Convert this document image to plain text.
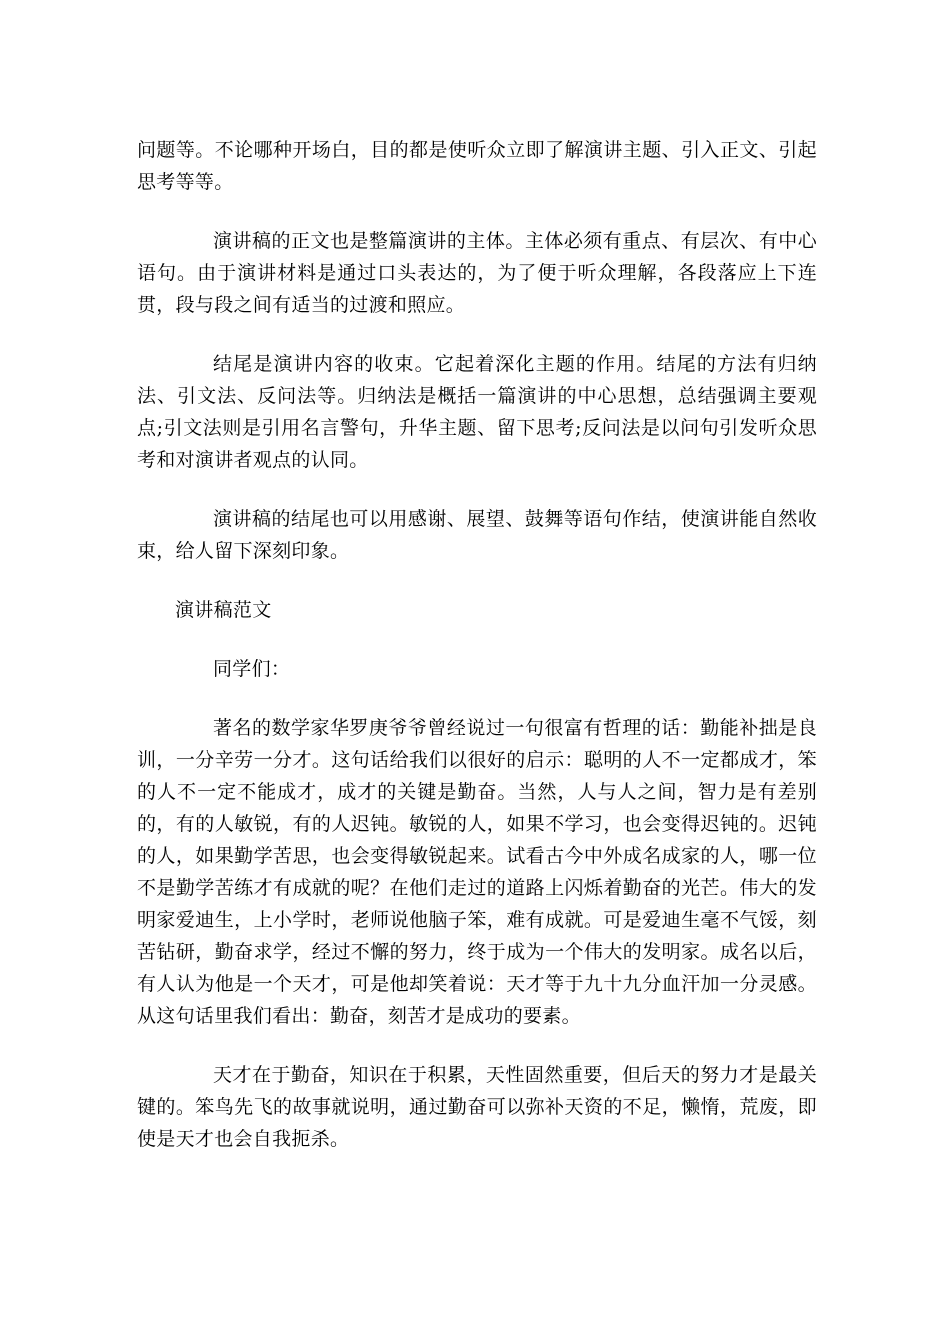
问题等。不论哪种开场白，目的都是使听众立即了解演讲主题、引入正文、引起思考等等。

演讲稿的正文也是整篇演讲的主体。主体必须有重点、有层次、有中心语句。由于演讲材料是通过口头表达的，为了便于听众理解，各段落应上下连贯，段与段之间有适当的过渡和照应。

结尾是演讲内容的收束。它起着深化主题的作用。结尾的方法有归纳法、引文法、反问法等。归纳法是概括一篇演讲的中心思想，总结强调主要观点;引文法则是引用名言警句，升华主题、留下思考;反问法是以问句引发听众思考和对演讲者观点的认同。

演讲稿的结尾也可以用感谢、展望、鼓舞等语句作结，使演讲能自然收束，给人留下深刻印象。

演讲稿范文

同学们：

著名的数学家华罗庚爷爷曾经说过一句很富有哲理的话：勤能补拙是良训，一分辛劳一分才。这句话给我们以很好的启示：聪明的人不一定都成才，笨的人不一定不能成才，成才的关键是勤奋。当然，人与人之间，智力是有差别的，有的人敏锐，有的人迟钝。敏锐的人，如果不学习，也会变得迟钝的。迟钝的人，如果勤学苦思，也会变得敏锐起来。试看古今中外成名成家的人，哪一位不是勤学苦练才有成就的呢？在他们走过的道路上闪烁着勤奋的光芒。伟大的发明家爱迪生，上小学时，老师说他脑子笨，难有成就。可是爱迪生毫不气馁，刻苦钻研，勤奋求学，经过不懈的努力，终于成为一个伟大的发明家。成名以后，有人认为他是一个天才，可是他却笑着说：天才等于九十九分血汗加一分灵感。从这句话里我们看出：勤奋，刻苦才是成功的要素。

天才在于勤奋，知识在于积累，天性固然重要，但后天的努力才是最关键的。笨鸟先飞的故事就说明，通过勤奋可以弥补天资的不足，懒惰，荒废，即使是天才也会自我扼杀。
